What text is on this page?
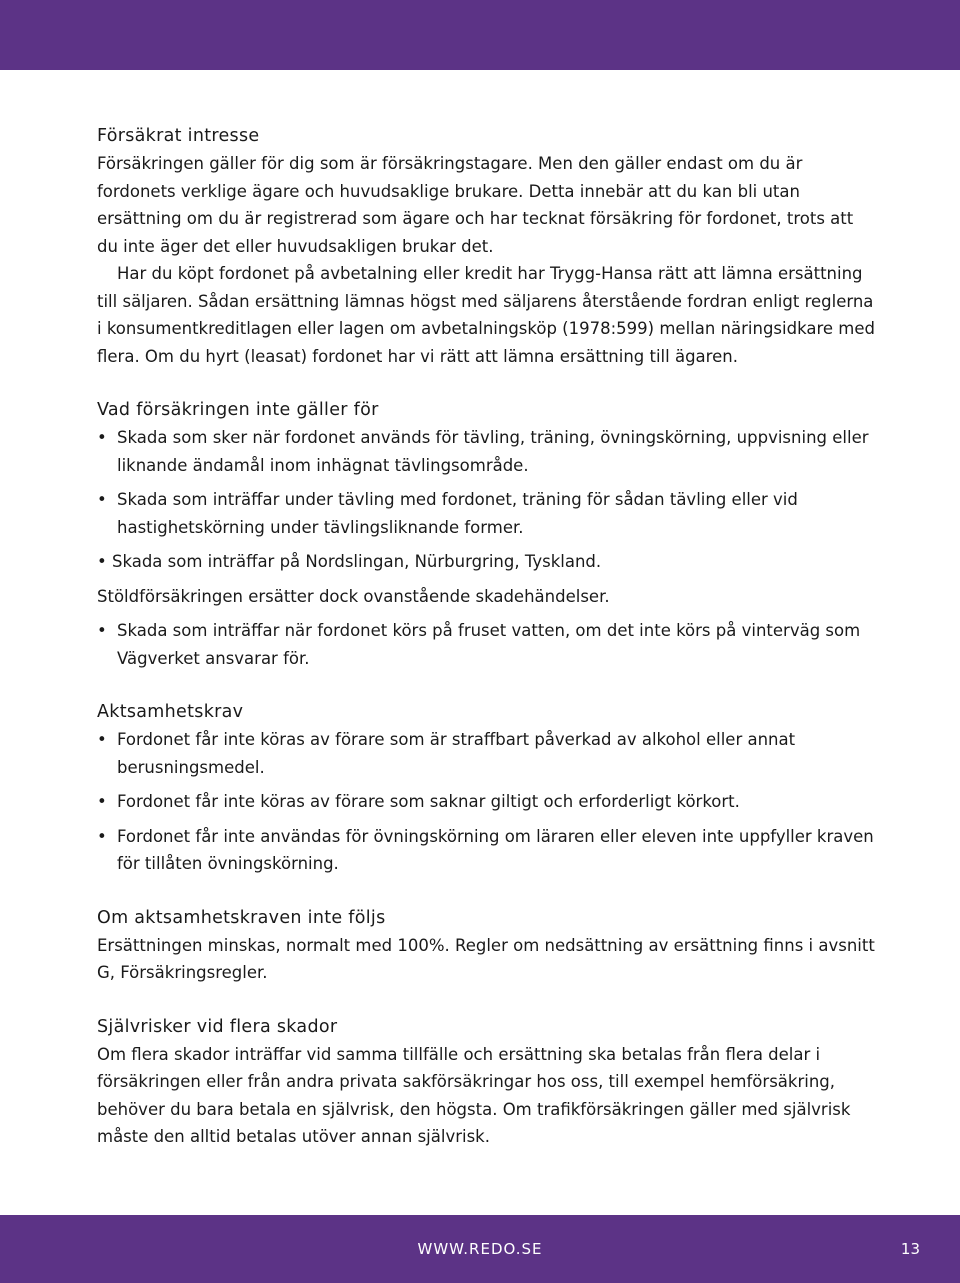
Försäkrat intresse

Försäkringen gäller för dig som är försäkringstagare. Men den gäller endast om du är fordonets verklige ägare och huvudsaklige brukare. Detta innebär att du kan bli utan ersättning om du är registrerad som ägare och har tecknat försäkring för fordonet, trots att du inte äger det eller huvudsakligen brukar det.

Har du köpt fordonet på avbetalning eller kredit har Trygg-Hansa rätt att lämna ersättning till säljaren. Sådan ersättning lämnas högst med säljarens återstående fordran enligt reglerna i konsumentkreditlagen eller lagen om avbetalningsköp (1978:599) mellan näringsidkare med flera. Om du hyrt (leasat) fordonet har vi rätt att lämna ersättning till ägaren.

Vad försäkringen inte gäller för
• Skada som sker när fordonet används för tävling, träning, övningskörning, uppvisning eller liknande ändamål inom inhägnat tävlingsområde.
• Skada som inträffar under tävling med fordonet, träning för sådan tävling eller vid hastighetskörning under tävlingsliknande former.

• Skada som inträffar på Nordslingan, Nürburgring, Tyskland.

Stöldförsäkringen ersätter dock ovanstående skadehändelser.

• Skada som inträffar när fordonet körs på fruset vatten, om det inte körs på vinterväg som Vägverket ansvarar för.
Aktsamhetskrav
• Fordonet får inte köras av förare som är straffbart påverkad av alkohol eller annat berusningsmedel.
• Fordonet får inte köras av förare som saknar giltigt och erforderligt körkort.
• Fordonet får inte användas för övningskörning om läraren eller eleven inte uppfyller kraven för tillåten övningskörning.
Om aktsamhetskraven inte följs

Ersättningen minskas, normalt med 100%. Regler om nedsättning av ersättning finns i avsnitt G, Försäkringsregler.

Självrisker vid flera skador

Om flera skador inträffar vid samma tillfälle och ersättning ska betalas från flera delar i försäkringen eller från andra privata sakförsäkringar hos oss, till exempel hemförsäkring, behöver du bara betala en självrisk, den högsta. Om trafikförsäkringen gäller med självrisk måste den alltid betalas utöver annan självrisk.

WWW.REDO.SE	13
